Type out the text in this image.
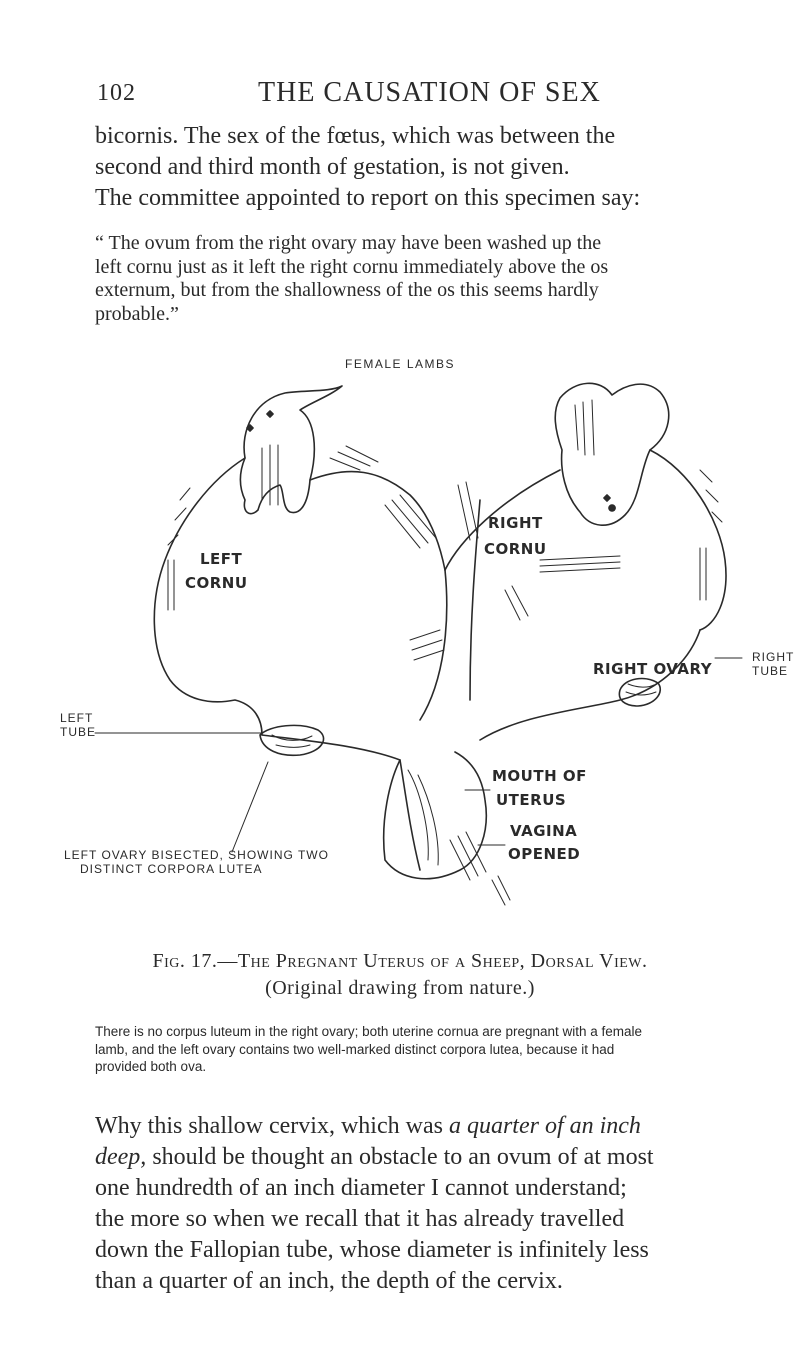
102	THE CAUSATION OF SEX
bicornis. The sex of the fœtus, which was between the
second and third month of gestation, is not given.
The committee appointed to report on this specimen say:
“ The ovum from the right ovary may have been washed up the
left cornu just as it left the right cornu immediately above the os
externum, but from the shallowness of the os this seems hardly
probable.”
FEMALE LAMBS
LEFT
CORNU
RIGHT
CORNU
RIGHT OVARY
RIGHT
TUBE
LEFT
TUBE
MOUTH OF
UTERUS
VAGINA
OPENED
LEFT OVARY BISECTED, SHOWING TWO
DISTINCT CORPORA LUTEA
Fig. 17.—The Pregnant Uterus of a Sheep, Dorsal View.
(Original drawing from nature.)
There is no corpus luteum in the right ovary; both uterine cornua are pregnant with a female
lamb, and the left ovary contains two well-marked distinct corpora lutea, because it had
provided both ova.
Why this shallow cervix, which was a quarter of an inch
deep, should be thought an obstacle to an ovum of at most
one hundredth of an inch diameter I cannot understand;
the more so when we recall that it has already travelled
down the Fallopian tube, whose diameter is infinitely less
than a quarter of an inch, the depth of the cervix.
